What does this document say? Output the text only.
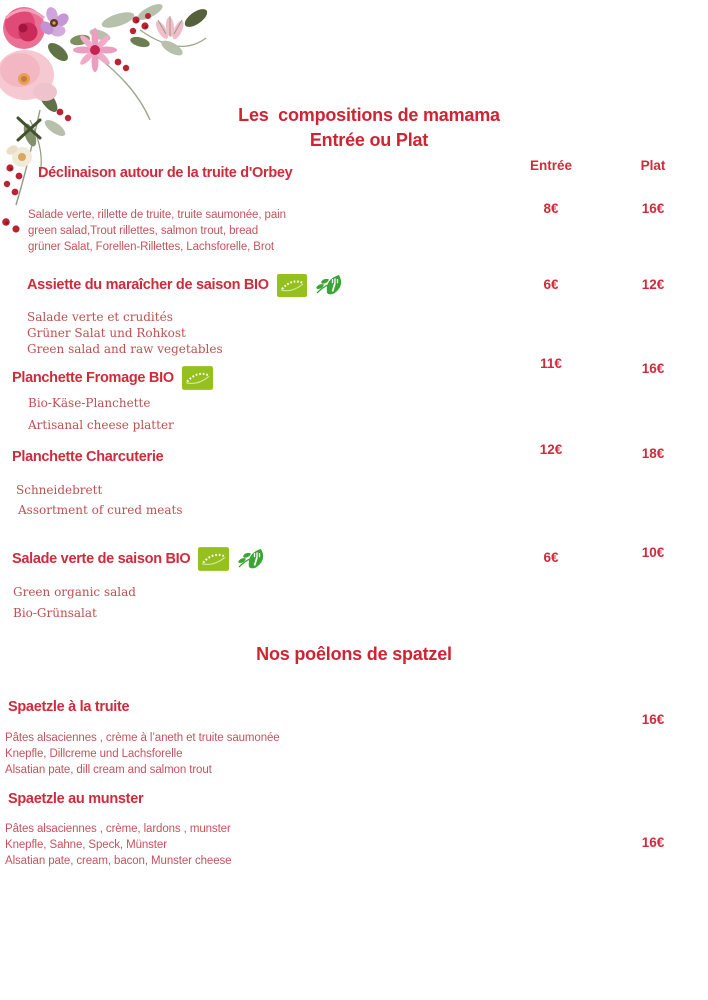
Les  compositions de mamama
Entrée ou Plat
Entrée	Plat
Déclinaison autour de la truite d'Orbey
Salade verte, rillette de truite, truite saumonée, pain
green salad,Trout rillettes, salmon trout, bread
grüner Salat, Forellen-Rillettes, Lachsforelle, Brot
8€	16€
Assiette du maraîcher de saison BIO
Salade verte et crudités
Grüner Salat und Rohkost
Green salad and raw vegetables
6€	12€
Planchette Fromage BIO
Bio-Käse-Planchette
Artisanal cheese platter
11€	16€
Planchette Charcuterie
Schneidebrett
Assortment of cured meats
12€	18€
Salade verte de saison BIO
Green organic salad
Bio-Grünsalat
6€	10€
Nos poêlons de spatzel
Spaetzle à la truite
Pâtes alsaciennes , crème à l’aneth et truite saumonée
Knepfle, Dillcreme und Lachsforelle
Alsatian pate, dill cream and salmon trout
16€
Spaetzle au munster
Pâtes alsaciennes , crème, lardons , munster
Knepfle, Sahne, Speck, Münster
Alsatian pate, cream, bacon, Munster cheese
16€
